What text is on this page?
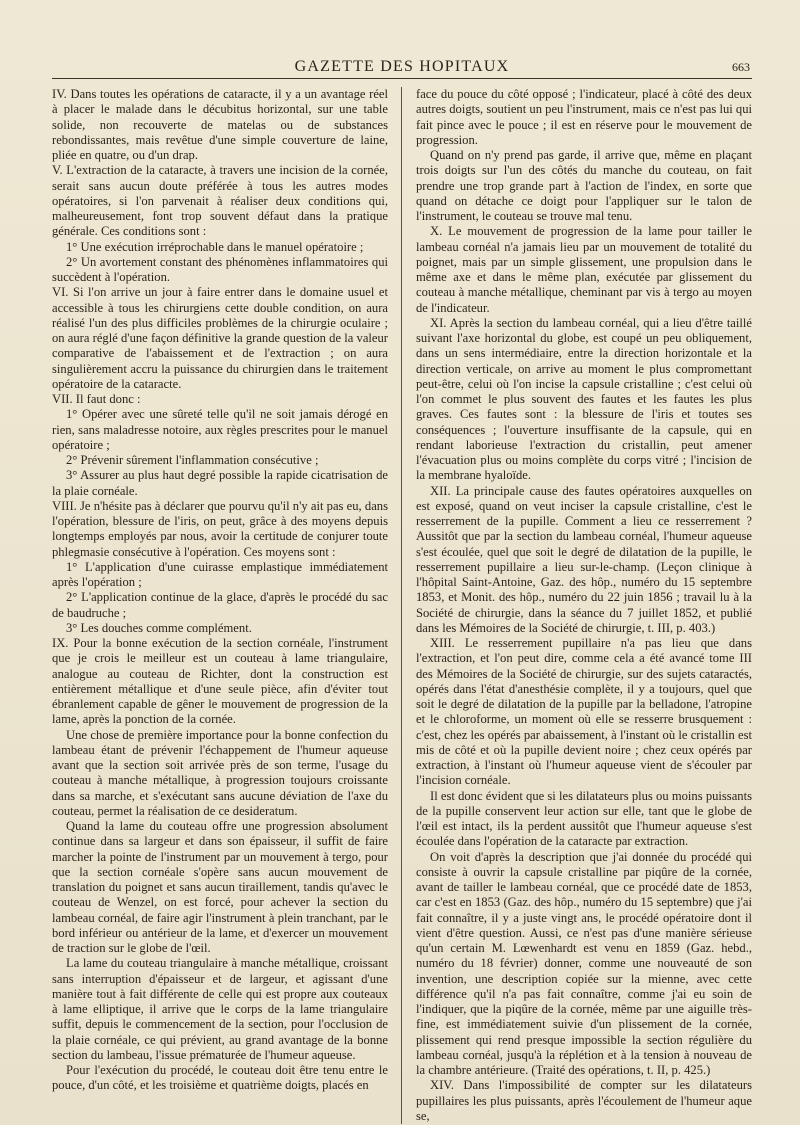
GAZETTE DES HOPITAUX	663

IV. Dans toutes les opérations de cataracte, il y a un avantage réel à placer le malade dans le décubitus horizontal, sur une table solide, non recouverte de matelas ou de substances rebondissantes, mais revêtue d'une simple couverture de laine, pliée en quatre, ou d'un drap.

V. L'extraction de la cataracte, à travers une incision de la cornée, serait sans aucun doute préférée à tous les autres modes opératoires, si l'on parvenait à réaliser deux conditions qui, malheureusement, font trop souvent défaut dans la pratique générale. Ces conditions sont :

1° Une exécution irréprochable dans le manuel opératoire ;

2° Un avortement constant des phénomènes inflammatoires qui succèdent à l'opération.

VI. Si l'on arrive un jour à faire entrer dans le domaine usuel et accessible à tous les chirurgiens cette double condition, on aura réalisé l'un des plus difficiles problèmes de la chirurgie oculaire ; on aura réglé d'une façon définitive la grande question de la valeur comparative de l'abaissement et de l'extraction ; on aura singulièrement accru la puissance du chirurgien dans le traitement opératoire de la cataracte.

VII. Il faut donc :

1° Opérer avec une sûreté telle qu'il ne soit jamais dérogé en rien, sans maladresse notoire, aux règles prescrites pour le manuel opératoire ;

2° Prévenir sûrement l'inflammation consécutive ;

3° Assurer au plus haut degré possible la rapide cicatrisation de la plaie cornéale.

VIII. Je n'hésite pas à déclarer que pourvu qu'il n'y ait pas eu, dans l'opération, blessure de l'iris, on peut, grâce à des moyens depuis longtemps employés par nous, avoir la certitude de conjurer toute phlegmasie consécutive à l'opération. Ces moyens sont :

1° L'application d'une cuirasse emplastique immédiatement après l'opération ;

2° L'application continue de la glace, d'après le procédé du sac de baudruche ;

3° Les douches comme complément.

IX. Pour la bonne exécution de la section cornéale, l'instrument que je crois le meilleur est un couteau à lame triangulaire, analogue au couteau de Richter, dont la construction est entièrement métallique et d'une seule pièce, afin d'éviter tout ébranlement capable de gêner le mouvement de progression de la lame, après la ponction de la cornée.

Une chose de première importance pour la bonne confection du lambeau étant de prévenir l'échappement de l'humeur aqueuse avant que la section soit arrivée près de son terme, l'usage du couteau à manche métallique, à progression toujours croissante dans sa marche, et s'exécutant sans aucune déviation de l'axe du couteau, permet la réalisation de ce desideratum.

Quand la lame du couteau offre une progression absolument continue dans sa largeur et dans son épaisseur, il suffit de faire marcher la pointe de l'instrument par un mouvement à tergo, pour que la section cornéale s'opère sans aucun mouvement de translation du poignet et sans aucun tiraillement, tandis qu'avec le couteau de Wenzel, on est forcé, pour achever la section du lambeau cornéal, de faire agir l'instrument à plein tranchant, par le bord inférieur ou antérieur de la lame, et d'exercer un mouvement de traction sur le globe de l'œil.

La lame du couteau triangulaire à manche métallique, croissant sans interruption d'épaisseur et de largeur, et agissant d'une manière tout à fait différente de celle qui est propre aux couteaux à lame elliptique, il arrive que le corps de la lame triangulaire suffit, depuis le commencement de la section, pour l'occlusion de la plaie cornéale, ce qui prévient, au grand avantage de la bonne section du lambeau, l'issue prématurée de l'humeur aqueuse.

Pour l'exécution du procédé, le couteau doit être tenu entre le pouce, d'un côté, et les troisième et quatrième doigts, placés en

face du pouce du côté opposé ; l'indicateur, placé à côté des deux autres doigts, soutient un peu l'instrument, mais ce n'est pas lui qui fait pince avec le pouce ; il est en réserve pour le mouvement de progression.

Quand on n'y prend pas garde, il arrive que, même en plaçant trois doigts sur l'un des côtés du manche du couteau, on fait prendre une trop grande part à l'action de l'index, en sorte que quand on détache ce doigt pour l'appliquer sur le talon de l'instrument, le couteau se trouve mal tenu.

X. Le mouvement de progression de la lame pour tailler le lambeau cornéal n'a jamais lieu par un mouvement de totalité du poignet, mais par un simple glissement, une propulsion dans le même axe et dans le même plan, exécutée par glissement du couteau à manche métallique, cheminant par vis à tergo au moyen de l'indicateur.

XI. Après la section du lambeau cornéal, qui a lieu d'être taillé suivant l'axe horizontal du globe, est coupé un peu obliquement, dans un sens intermédiaire, entre la direction horizontale et la direction verticale, on arrive au moment le plus compromettant peut-être, celui où l'on incise la capsule cristalline ; c'est celui où l'on commet le plus souvent des fautes et les fautes les plus graves. Ces fautes sont : la blessure de l'iris et toutes ses conséquences ; l'ouverture insuffisante de la capsule, qui en rendant laborieuse l'extraction du cristallin, peut amener l'évacuation plus ou moins complète du corps vitré ; l'incision de la membrane hyaloïde.

XII. La principale cause des fautes opératoires auxquelles on est exposé, quand on veut inciser la capsule cristalline, c'est le resserrement de la pupille. Comment a lieu ce resserrement ? Aussitôt que par la section du lambeau cornéal, l'humeur aqueuse s'est écoulée, quel que soit le degré de dilatation de la pupille, le resserrement pupillaire a lieu sur-le-champ. (Leçon clinique à l'hôpital Saint-Antoine, Gaz. des hôp., numéro du 15 septembre 1853, et Monit. des hôp., numéro du 22 juin 1856 ; travail lu à la Société de chirurgie, dans la séance du 7 juillet 1852, et publié dans les Mémoires de la Société de chirurgie, t. III, p. 403.)

XIII. Le resserrement pupillaire n'a pas lieu que dans l'extraction, et l'on peut dire, comme cela a été avancé tome III des Mémoires de la Société de chirurgie, sur des sujets cataractés, opérés dans l'état d'anesthésie complète, il y a toujours, quel que soit le degré de dilatation de la pupille par la belladone, l'atropine et le chloroforme, un moment où elle se resserre brusquement : c'est, chez les opérés par abaissement, à l'instant où le cristallin est mis de côté et où la pupille devient noire ; chez ceux opérés par extraction, à l'instant où l'humeur aqueuse vient de s'écouler par l'incision cornéale.

Il est donc évident que si les dilatateurs plus ou moins puissants de la pupille conservent leur action sur elle, tant que le globe de l'œil est intact, ils la perdent aussitôt que l'humeur aqueuse s'est écoulée dans l'opération de la cataracte par extraction.

On voit d'après la description que j'ai donnée du procédé qui consiste à ouvrir la capsule cristalline par piqûre de la cornée, avant de tailler le lambeau cornéal, que ce procédé date de 1853, car c'est en 1853 (Gaz. des hôp., numéro du 15 septembre) que j'ai fait connaître, il y a juste vingt ans, le procédé opératoire dont il vient d'être question. Aussi, ce n'est pas d'une manière sérieuse qu'un certain M. Lœwenhardt est venu en 1859 (Gaz. hebd., numéro du 18 février) donner, comme une nouveauté de son invention, une description copiée sur la mienne, avec cette différence qu'il n'a pas fait connaître, comme j'ai eu soin de l'indiquer, que la piqûre de la cornée, même par une aiguille très-fine, est immédiatement suivie d'un plissement de la cornée, plissement qui rend presque impossible la section régulière du lambeau cornéal, jusqu'à la réplétion et à la tension à nouveau de la chambre antérieure. (Traité des opérations, t. II, p. 425.)

XIV. Dans l'impossibilité de compter sur les dilatateurs pupillaires les plus puissants, après l'écoulement de l'humeur aque se,
